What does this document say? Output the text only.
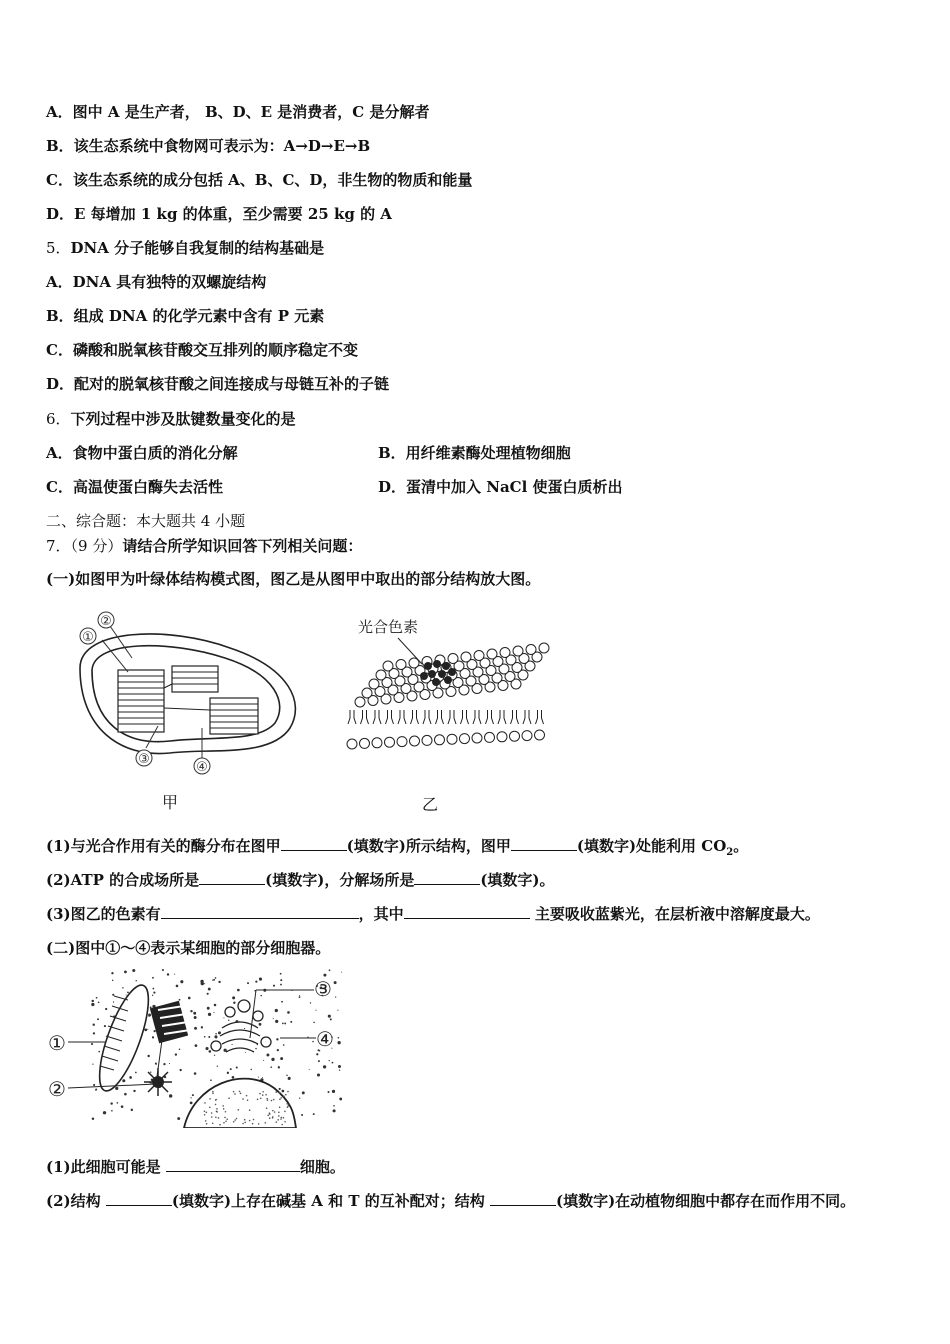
A．图中 A 是生产者， B、D、E 是消费者，C 是分解者
B．该生态系统中食物网可表示为：A→D→E→B
C．该生态系统的成分包括 A、B、C、D，非生物的物质和能量
D．E 每增加 1 kg 的体重，至少需要 25 kg 的 A
5．DNA 分子能够自我复制的结构基础是
A．DNA 具有独特的双螺旋结构
B．组成 DNA 的化学元素中含有 P 元素
C．磷酸和脱氧核苷酸交互排列的顺序稳定不变
D．配对的脱氧核苷酸之间连接成与母链互补的子链
6．下列过程中涉及肽键数量变化的是
A．食物中蛋白质的消化分解	B．用纤维素酶处理植物细胞
C．高温使蛋白酶失去活性	D．蛋清中加入 NaCl 使蛋白质析出
二、综合题：本大题共 4 小题
7．（9 分）请结合所学知识回答下列相关问题：
(一)如图甲为叶绿体结构模式图，图乙是从图甲中取出的部分结构放大图。
①
②
③
④
甲
光合色素
乙
(1)与光合作用有关的酶分布在图甲	(填数字)所示结构，图甲	(填数字)处能利用 $CO_2$。
(2)ATP 的合成场所是	(填数字)，分解场所是	(填数字)。
(3)图乙的色素有	，其中	主要吸收蓝紫光，在层析液中溶解度最大。
(二)图中①～④表示某细胞的部分细胞器。
①
②
③
④
(1)此细胞可能是	细胞。
(2)结构	(填数字)上存在碱基 A 和 T 的互补配对；结构	(填数字)在动植物细胞中都存在而作用不同。
